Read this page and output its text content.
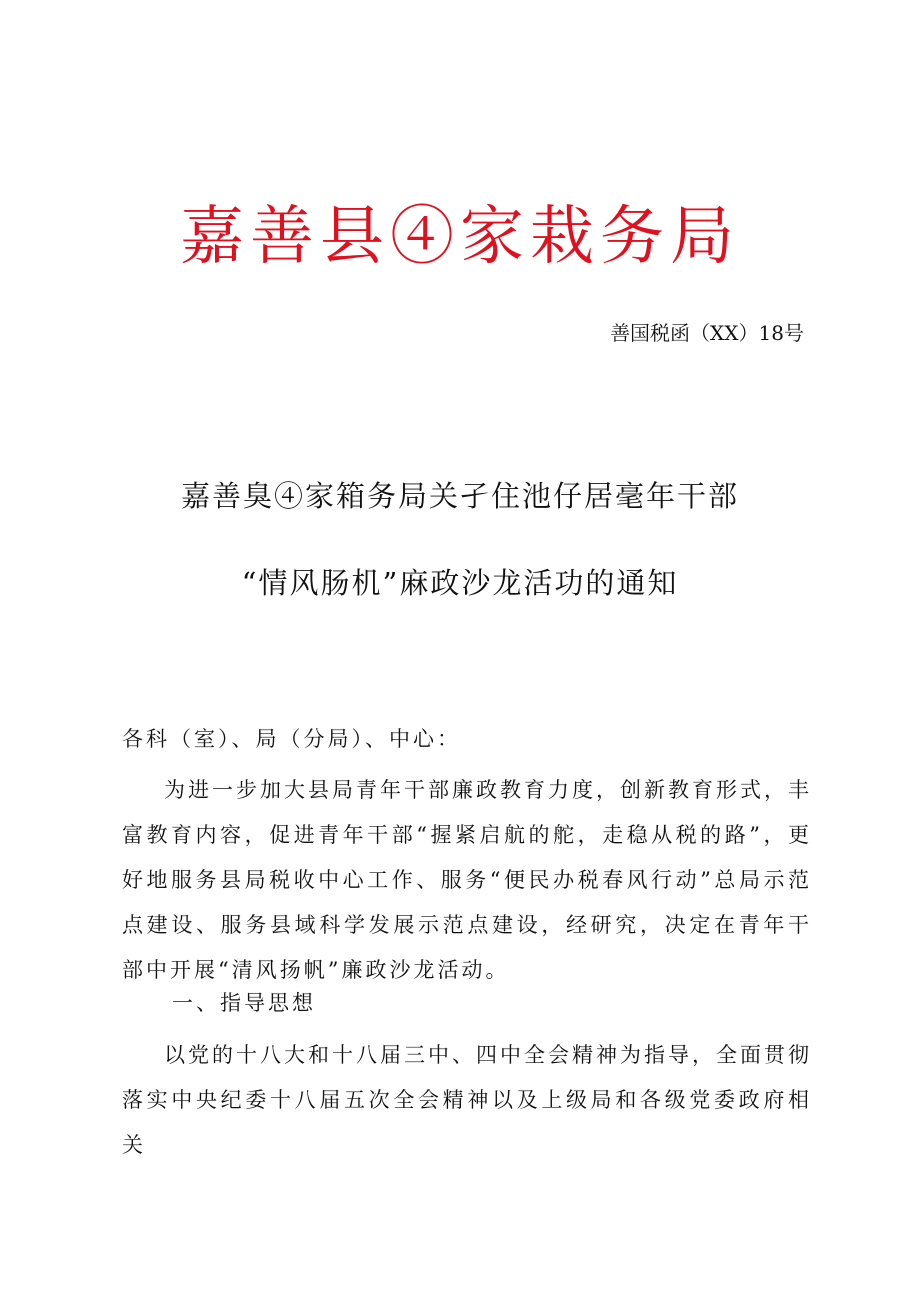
嘉善县④家栽务局
善国税函（XX）18号
嘉善臭④家箱务局关孑住池仔居毫年干部
“情风肠机”麻政沙龙活功的通知
各科（室）、局（分局）、中心：

为进一步加大县局青年干部廉政教育力度，创新教育形式，丰富教育内容，促进青年干部“握紧启航的舵，走稳从税的路”，更好地服务县局税收中心工作、服务“便民办税春风行动”总局示范点建设、服务县域科学发展示范点建设，经研究，决定在青年干部中开展“清风扬帆”廉政沙龙活动。

一、指导思想

以党的十八大和十八届三中、四中全会精神为指导，全面贯彻落实中央纪委十八届五次全会精神以及上级局和各级党委政府相关
